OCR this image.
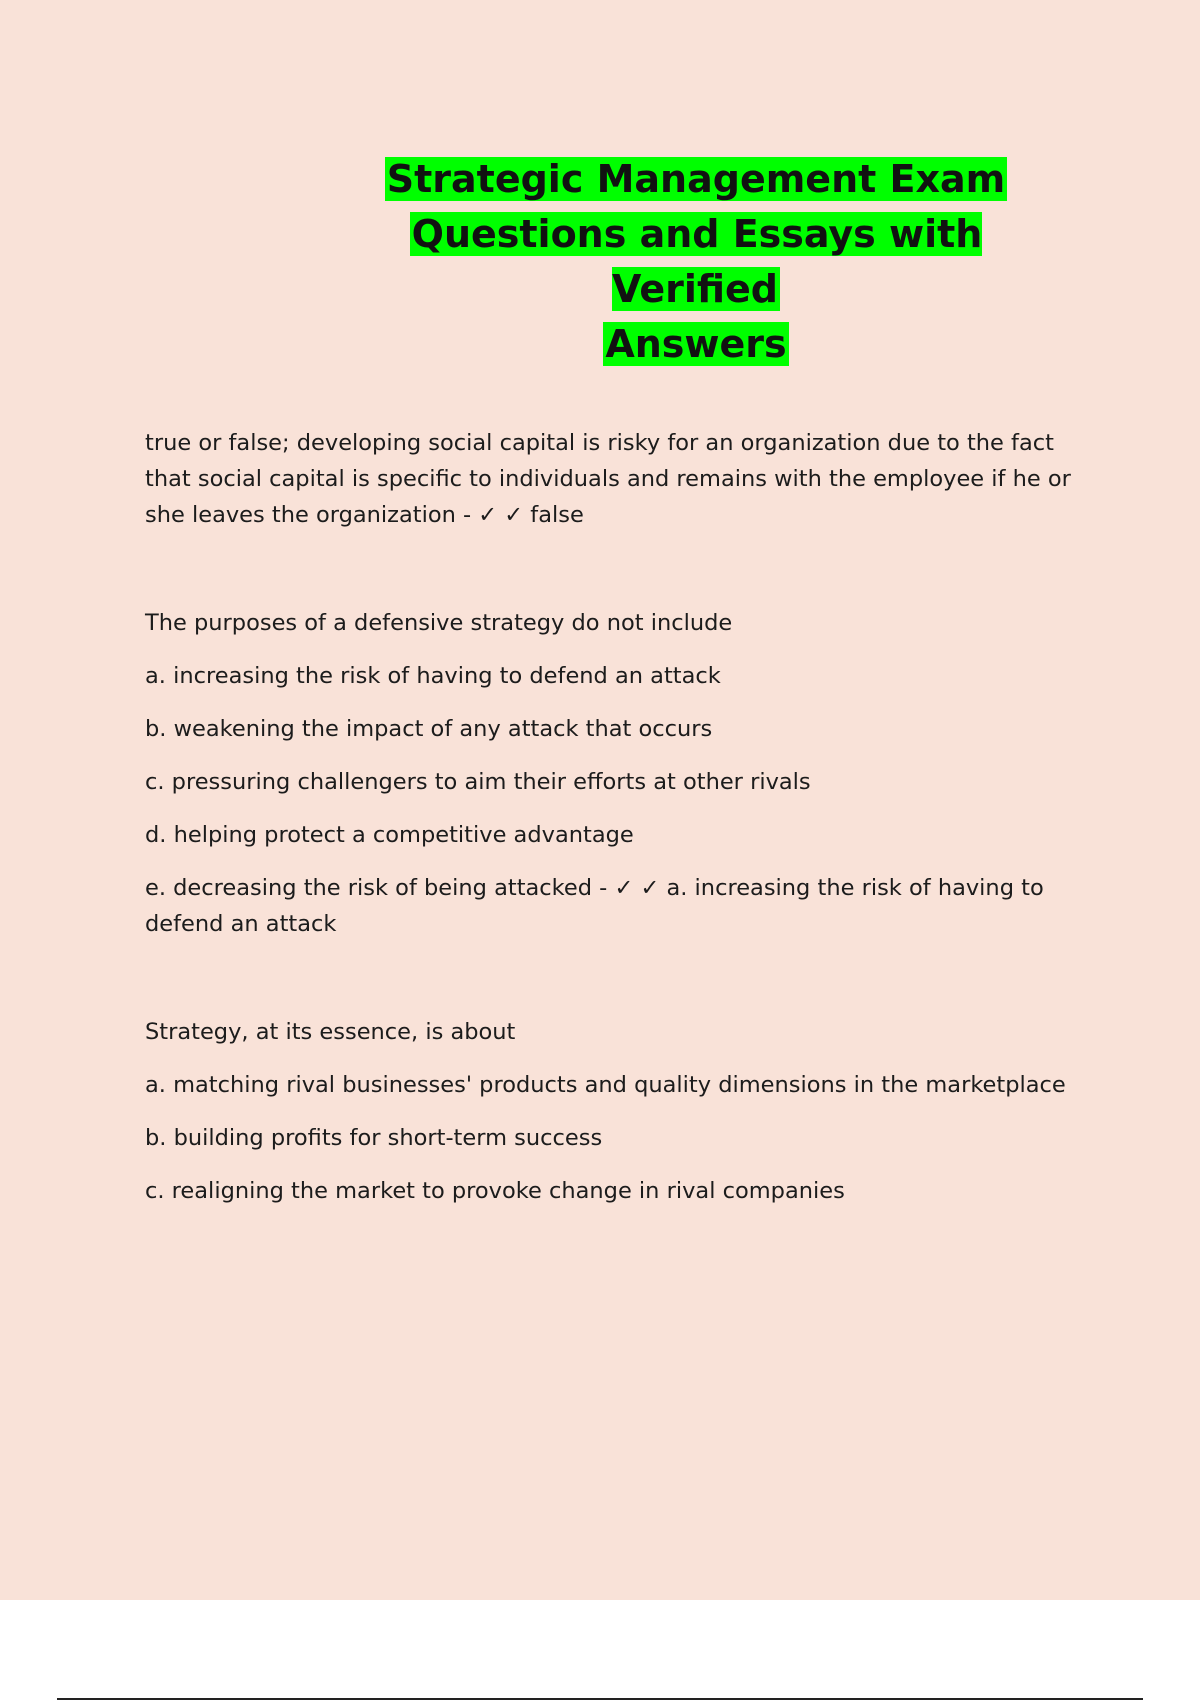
Strategic Management Exam
Questions and Essays with Verified
Answers

true or false; developing social capital is risky for an organization due to the fact that social capital is specific to individuals and remains with the employee if he or she leaves the organization - ✓ ✓ false

The purposes of a defensive strategy do not include

a. increasing the risk of having to defend an attack

b. weakening the impact of any attack that occurs

c. pressuring challengers to aim their efforts at other rivals

d. helping protect a competitive advantage

e. decreasing the risk of being attacked - ✓ ✓ a. increasing the risk of having to defend an attack

Strategy, at its essence, is about

a. matching rival businesses' products and quality dimensions in the marketplace

b. building profits for short-term success

c. realigning the market to provoke change in rival companies
